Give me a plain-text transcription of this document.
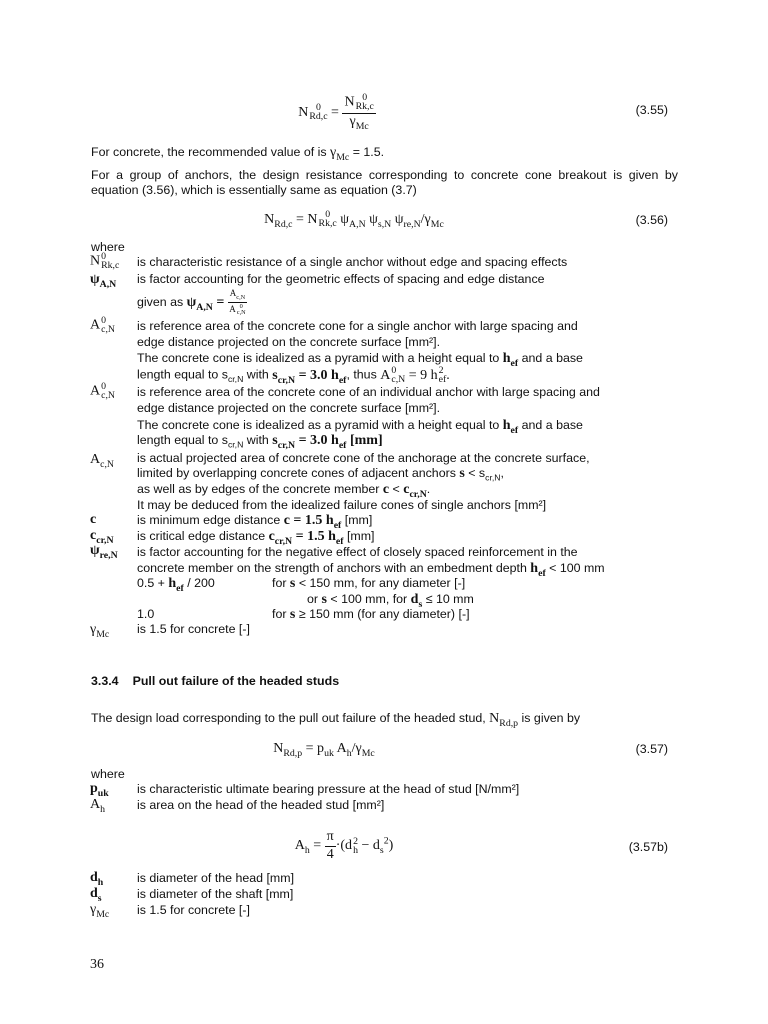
N 0
Rd,c = N 0
Rk,c
$\gamma_{Mc}$	(3.55)
For concrete, the recommended value of is $\gamma_{Mc} = 1.5$.
For a group of anchors, the design resistance corresponding to concrete cone breakout is given by equation (3.56), which is essentially same as equation (3.7)
$N_{Rd,c} = N$ 0
Rk,c $\psi_{A,N}$ $\psi_{s,N}$ $\psi_{re,N}/\gamma_{Mc}$	(3.56)
where
N 0
Rk,c is characteristic resistance of a single anchor without edge and spacing effects
$\psi_{A,N}$ is factor accounting for the geometric effects of spacing and edge distance
given as $\psi_{A,N} = A_{c,N}$
A 0
c,N
A 0
c,N is reference area of the concrete cone for a single anchor with large spacing and
edge distance projected on the concrete surface [mm²].
The concrete cone is idealized as a pyramid with a height equal to $h_{ef}$ and a base
length equal to $s_{cr,N}$ with $s_{cr,N} = 3.0$ $h_{ef}$, thus A 0
c,N = 9 h 2
ef .
A 0
c,N is reference area of the concrete cone of an individual anchor with large spacing and
edge distance projected on the concrete surface [mm²].
The concrete cone is idealized as a pyramid with a height equal to $h_{ef}$ and a base
length equal to $s_{cr,N}$ with $s_{cr,N} = 3.0$ $h_{ef}$ [mm]
$A_{c,N}$ is actual projected area of concrete cone of the anchorage at the concrete surface,
limited by overlapping concrete cones of adjacent anchors $s < s_{cr,N}$,
as well as by edges of the concrete member $c < c_{cr,N}$.
It may be deduced from the idealized failure cones of single anchors [mm²]
c	is minimum edge distance c = 1.5 $h_{ef}$ [mm]
$c_{cr,N}$ is critical edge distance $c_{cr,N} = 1.5$ $h_{ef}$ [mm]
$\psi_{re,N}$ is factor accounting for the negative effect of closely spaced reinforcement in the
concrete member on the strength of anchors with an embedment depth $h_{ef} < 100$ mm
$0.5 + h_{ef} / 200$	for s < 150 mm, for any diameter [-]
or s < 100 mm, for $d_s \le 10$ mm
1.0	for s ≥ 150 mm (for any diameter) [-]
$\gamma_{Mc}$ is 1.5 for concrete [-]
3.3.4 Pull out failure of the headed studs
The design load corresponding to the pull out failure of the headed stud, $N_{Rd,p}$ is given by
$N_{Rd,p} = p_{uk}$ $A_h/\gamma_{Mc}$	(3.57)
where
$p_{uk}$ is characteristic ultimate bearing pressure at the head of stud [N/mm²]
$A_h$	is area on the head of the headed stud [mm²]
$A_h = \frac{\pi}{4} \cdot(d$ 2
$h - d_s^2$)	(3.57b)
$d_h$	is diameter of the head [mm]
$d_s$	is diameter of the shaft [mm]
$\gamma_{Mc}$ is 1.5 for concrete [-]
36
